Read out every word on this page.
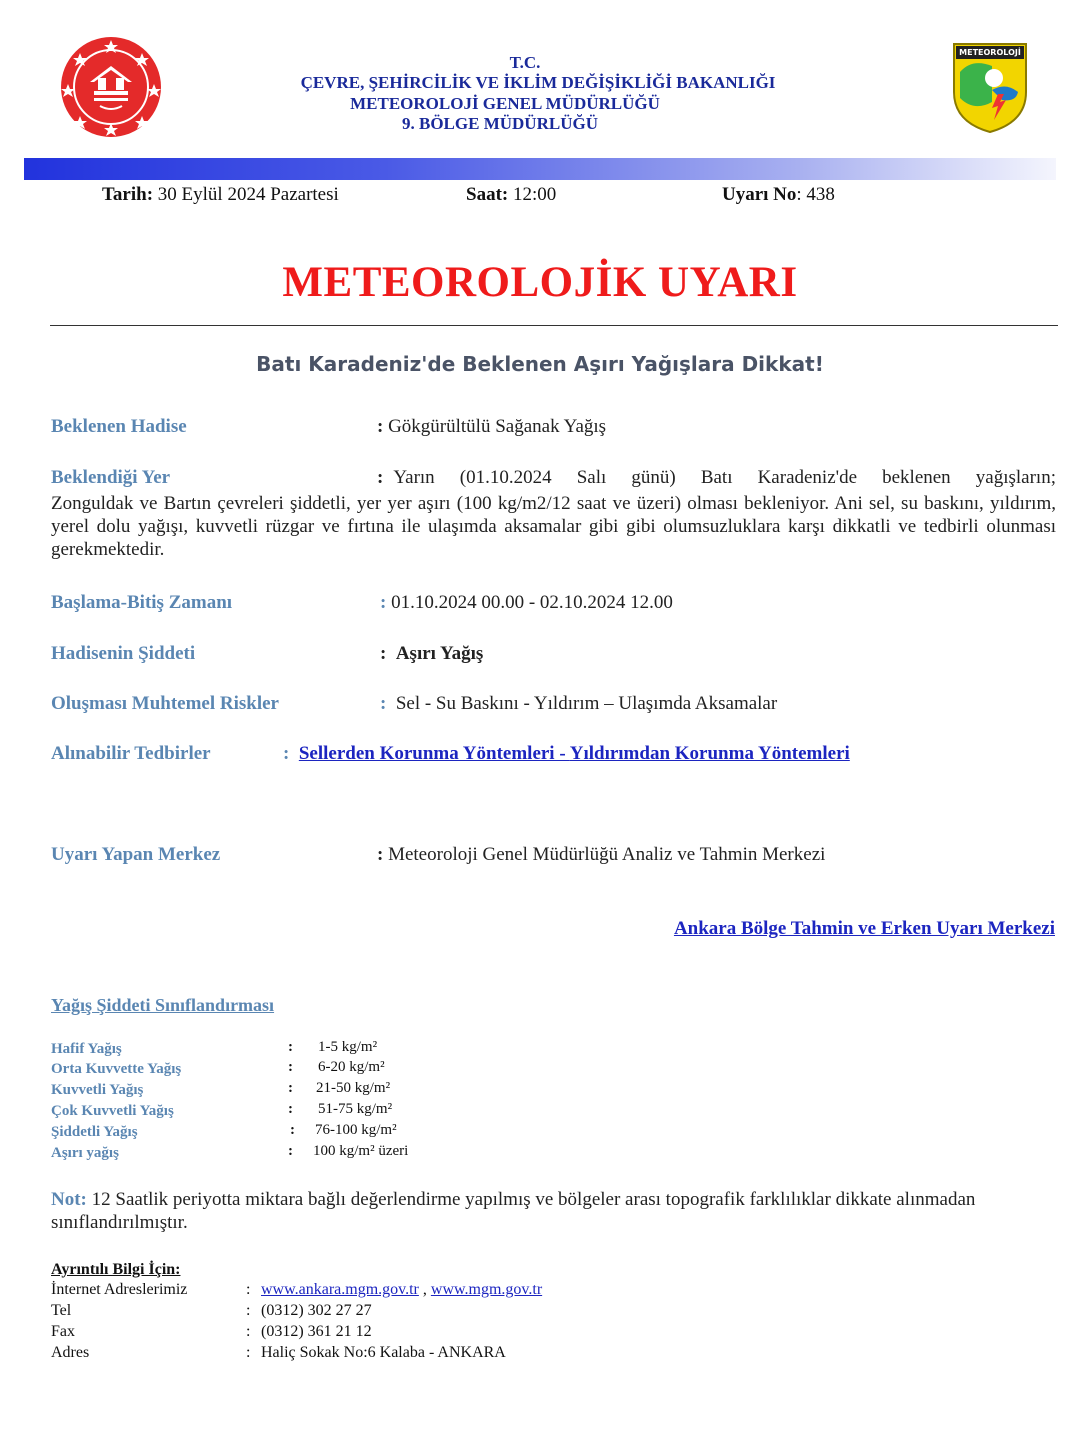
METEOROLOJİ
T.C.
ÇEVRE, ŞEHİRCİLİK VE İKLİM DEĞİŞİKLİĞİ BAKANLIĞI
METEOROLOJİ GENEL MÜDÜRLÜĞÜ
9. BÖLGE MÜDÜRLÜĞÜ
Tarih: 30 Eylül 2024 Pazartesi	Saat: 12:00	Uyarı No: 438
METEOROLOJİK UYARI
Batı Karadeniz'de Beklenen Aşırı Yağışlara Dikkat!
Beklenen Hadise	: Gökgürültülü Sağanak Yağış
Beklendiği Yer	: Yarın (01.10.2024 Salı günü) Batı Karadeniz'de beklenen yağışların;
Zonguldak ve Bartın çevreleri şiddetli, yer yer aşırı (100 kg/m2/12 saat ve üzeri) olması bekleniyor. Ani sel, su baskını, yıldırım, yerel dolu yağışı, kuvvetli rüzgar ve fırtına ile ulaşımda aksamalar gibi gibi olumsuzluklara karşı dikkatli ve tedbirli olunması gerekmektedir.
Başlama-Bitiş Zamanı	: 01.10.2024 00.00 - 02.10.2024 12.00
Hadisenin Şiddeti	: Aşırı Yağış
Oluşması Muhtemel Riskler	: Sel - Su Baskını - Yıldırım – Ulaşımda Aksamalar
Alınabilir Tedbirler	: Sellerden Korunma Yöntemleri - Yıldırımdan Korunma Yöntemleri
Uyarı Yapan Merkez	: Meteoroloji Genel Müdürlüğü Analiz ve Tahmin Merkezi
Ankara Bölge Tahmin ve Erken Uyarı Merkezi
Yağış Şiddeti Sınıflandırması
Hafif Yağış	: 1-5 kg/m²
Orta Kuvvette Yağış	: 6-20 kg/m²
Kuvvetli Yağış	: 21-50 kg/m²
Çok Kuvvetli Yağış	: 51-75 kg/m²
Şiddetli Yağış	: 76-100 kg/m²
Aşırı yağış	: 100 kg/m² üzeri
Not: 12 Saatlik periyotta miktara bağlı değerlendirme yapılmış ve bölgeler arası topografik farklılıklar dikkate alınmadan sınıflandırılmıştır.
Ayrıntılı Bilgi İçin:
İnternet Adreslerimiz	: www.ankara.mgm.gov.tr , www.mgm.gov.tr
Tel	: (0312) 302 27 27
Fax	: (0312) 361 21 12
Adres	: Haliç Sokak No:6 Kalaba - ANKARA
